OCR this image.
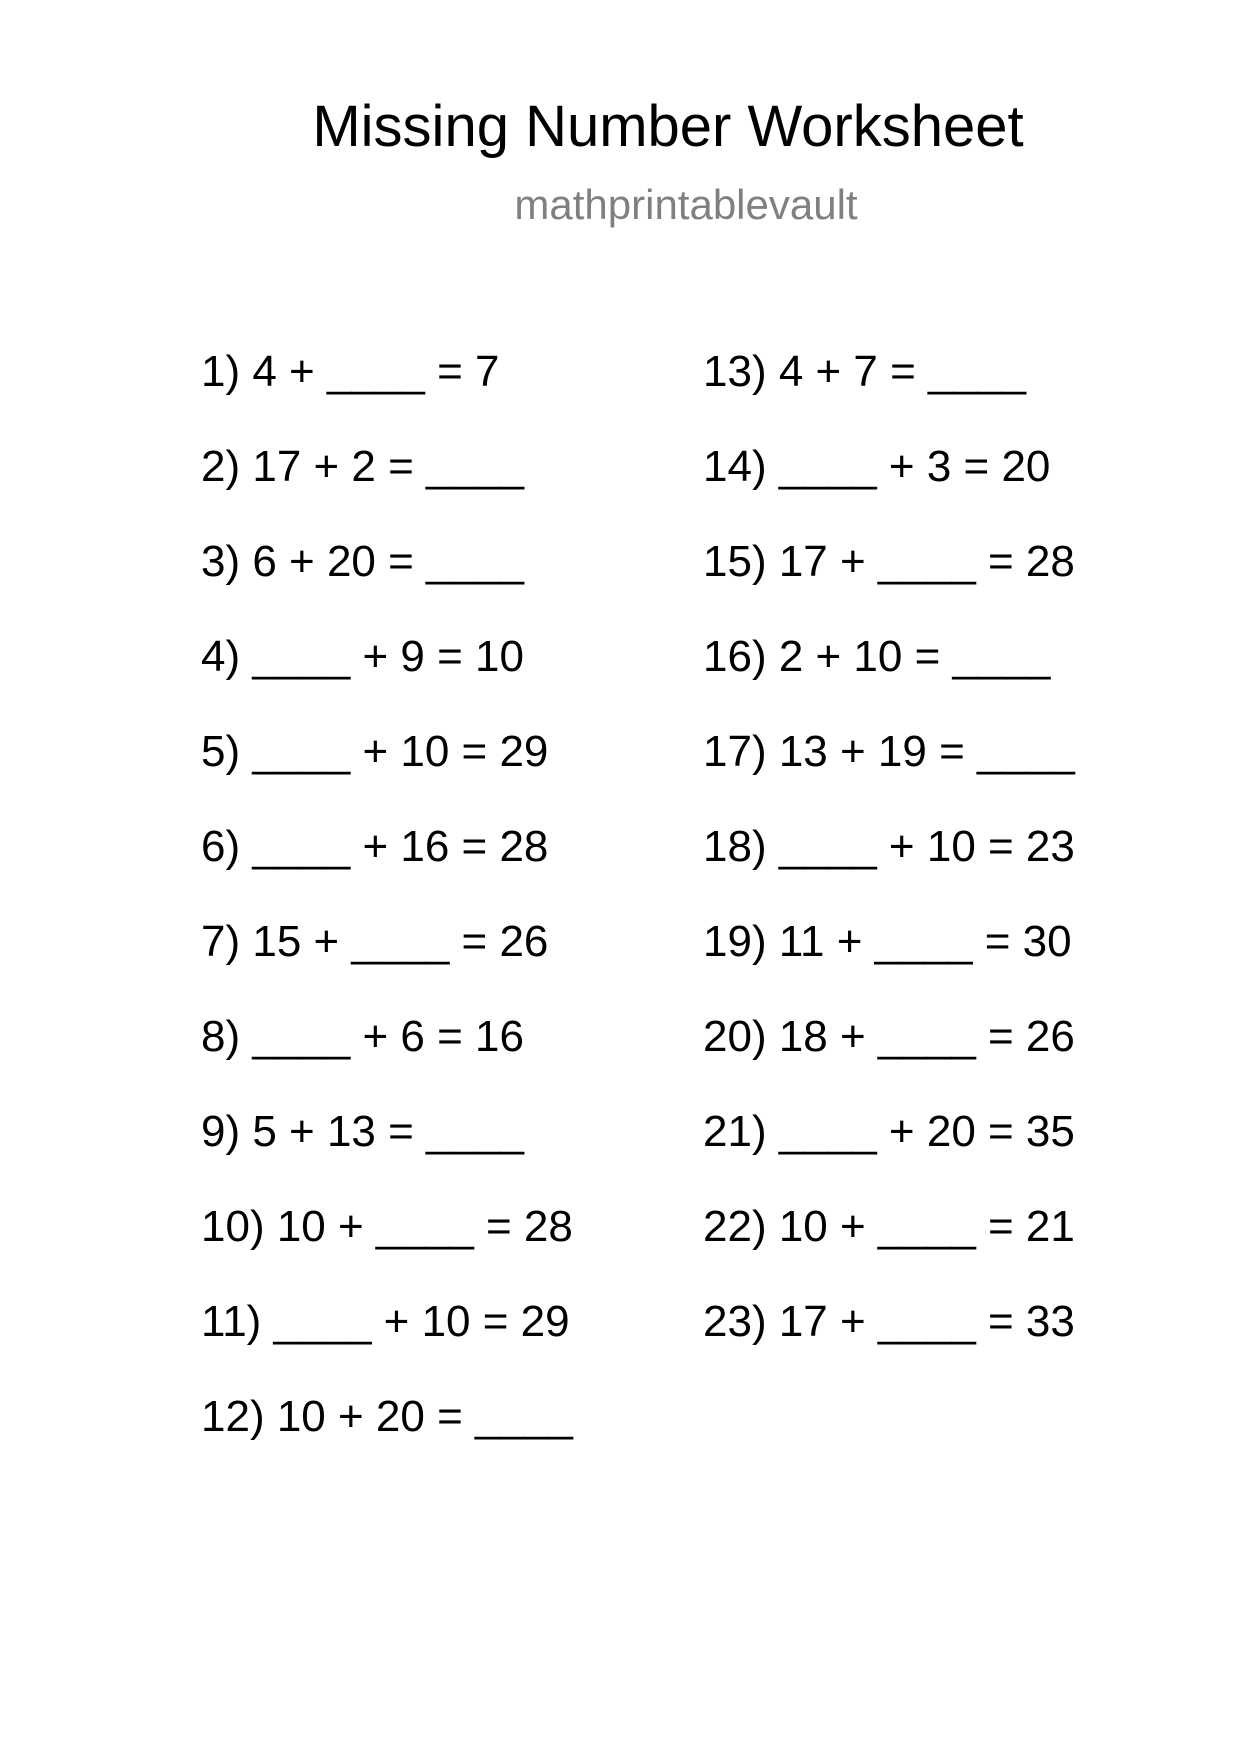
Missing Number Worksheet
mathprintablevault
1) 4 + ____ = 7
2) 17 + 2 = ____
3) 6 + 20 = ____
4) ____ + 9 = 10
5) ____ + 10 = 29
6) ____ + 16 = 28
7) 15 + ____ = 26
8) ____ + 6 = 16
9) 5 + 13 = ____
10) 10 + ____ = 28
11) ____ + 10 = 29
12) 10 + 20 = ____
13) 4 + 7 = ____
14) ____ + 3 = 20
15) 17 + ____ = 28
16) 2 + 10 = ____
17) 13 + 19 = ____
18) ____ + 10 = 23
19) 11 + ____ = 30
20) 18 + ____ = 26
21) ____ + 20 = 35
22) 10 + ____ = 21
23) 17 + ____ = 33
